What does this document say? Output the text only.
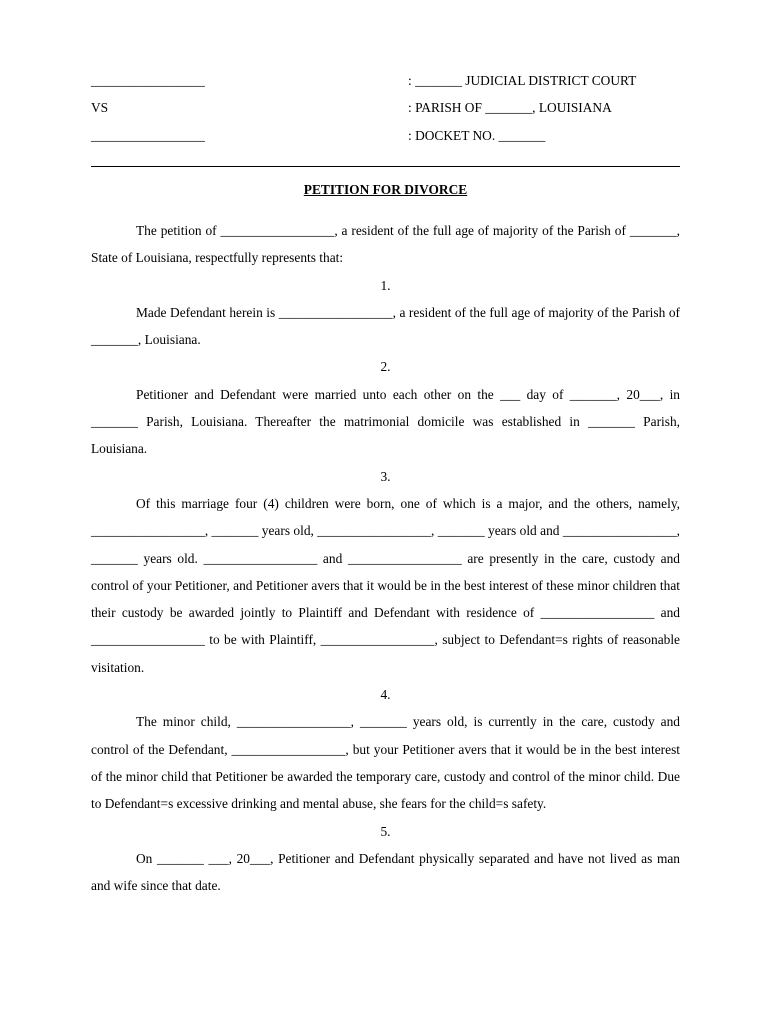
_________________
VS
_________________
: _______ JUDICIAL DISTRICT COURT
: PARISH OF _______, LOUISIANA
: DOCKET NO. _______
PETITION FOR DIVORCE

The petition of _________________, a resident of the full age of majority of the Parish of _______, State of Louisiana, respectfully represents that:

1.

Made Defendant herein is _________________, a resident of the full age of majority of the Parish of _______, Louisiana.

2.

Petitioner and Defendant were married unto each other on the ___ day of _______, 20___, in _______ Parish, Louisiana. Thereafter the matrimonial domicile was established in _______ Parish, Louisiana.

3.

Of this marriage four (4) children were born, one of which is a major, and the others, namely, _________________, _______ years old, _________________, _______ years old and _________________, _______ years old. _________________ and _________________ are presently in the care, custody and control of your Petitioner, and Petitioner avers that it would be in the best interest of these minor children that their custody be awarded jointly to Plaintiff and Defendant with residence of _________________ and _________________ to be with Plaintiff, _________________, subject to Defendant=s rights of reasonable visitation.

4.

The minor child, _________________, _______ years old, is currently in the care, custody and control of the Defendant, _________________, but your Petitioner avers that it would be in the best interest of the minor child that Petitioner be awarded the temporary care, custody and control of the minor child. Due to Defendant=s excessive drinking and mental abuse, she fears for the child=s safety.

5.

On _______ ___, 20___, Petitioner and Defendant physically separated and have not lived as man and wife since that date.
